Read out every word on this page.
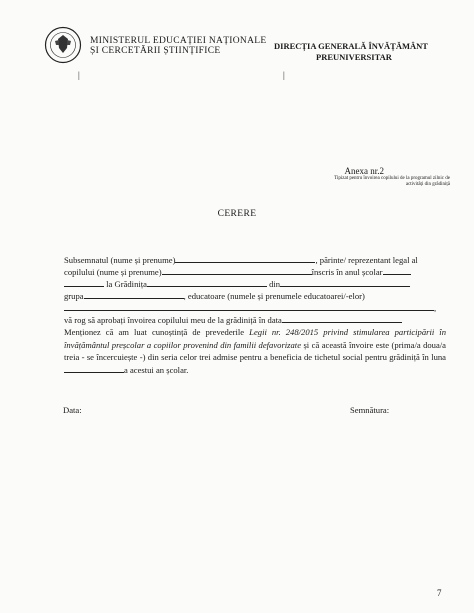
MINISTERUL EDUCAȚIEI NAȚIONALE
ȘI CERCETĂRII ȘTIINȚIFICE	DIRECȚIA GENERALĂ ÎNVĂȚĂMÂNT
PREUNIVERSITAR
|	|
Anexa nr.2
Tipizat pentru învoirea copilului de la programul zilnic de activități din grădiniță
CERERE
Subsemnatul (nume și prenume)	, părinte/ reprezentant legal al
copilului (nume și prenume)	înscris în anul școlar
la Grădinița	din
grupa	, educatoare (numele și prenumele educatoarei/-elor)
,
vă rog să aprobați învoirea copilului meu de la grădiniță în data
Menționez că am luat cunoștință de prevederile Legii nr. 248/2015 privind stimularea participării în învățământul preșcolar a copiilor provenind din familii defavorizate și că această învoire este (prima/a doua/a treia - se încercuiește -) din seria celor trei admise pentru a beneficia de tichetul social pentru grădiniță în lunaa acestui an școlar.
Data:	Semnătura:
7
